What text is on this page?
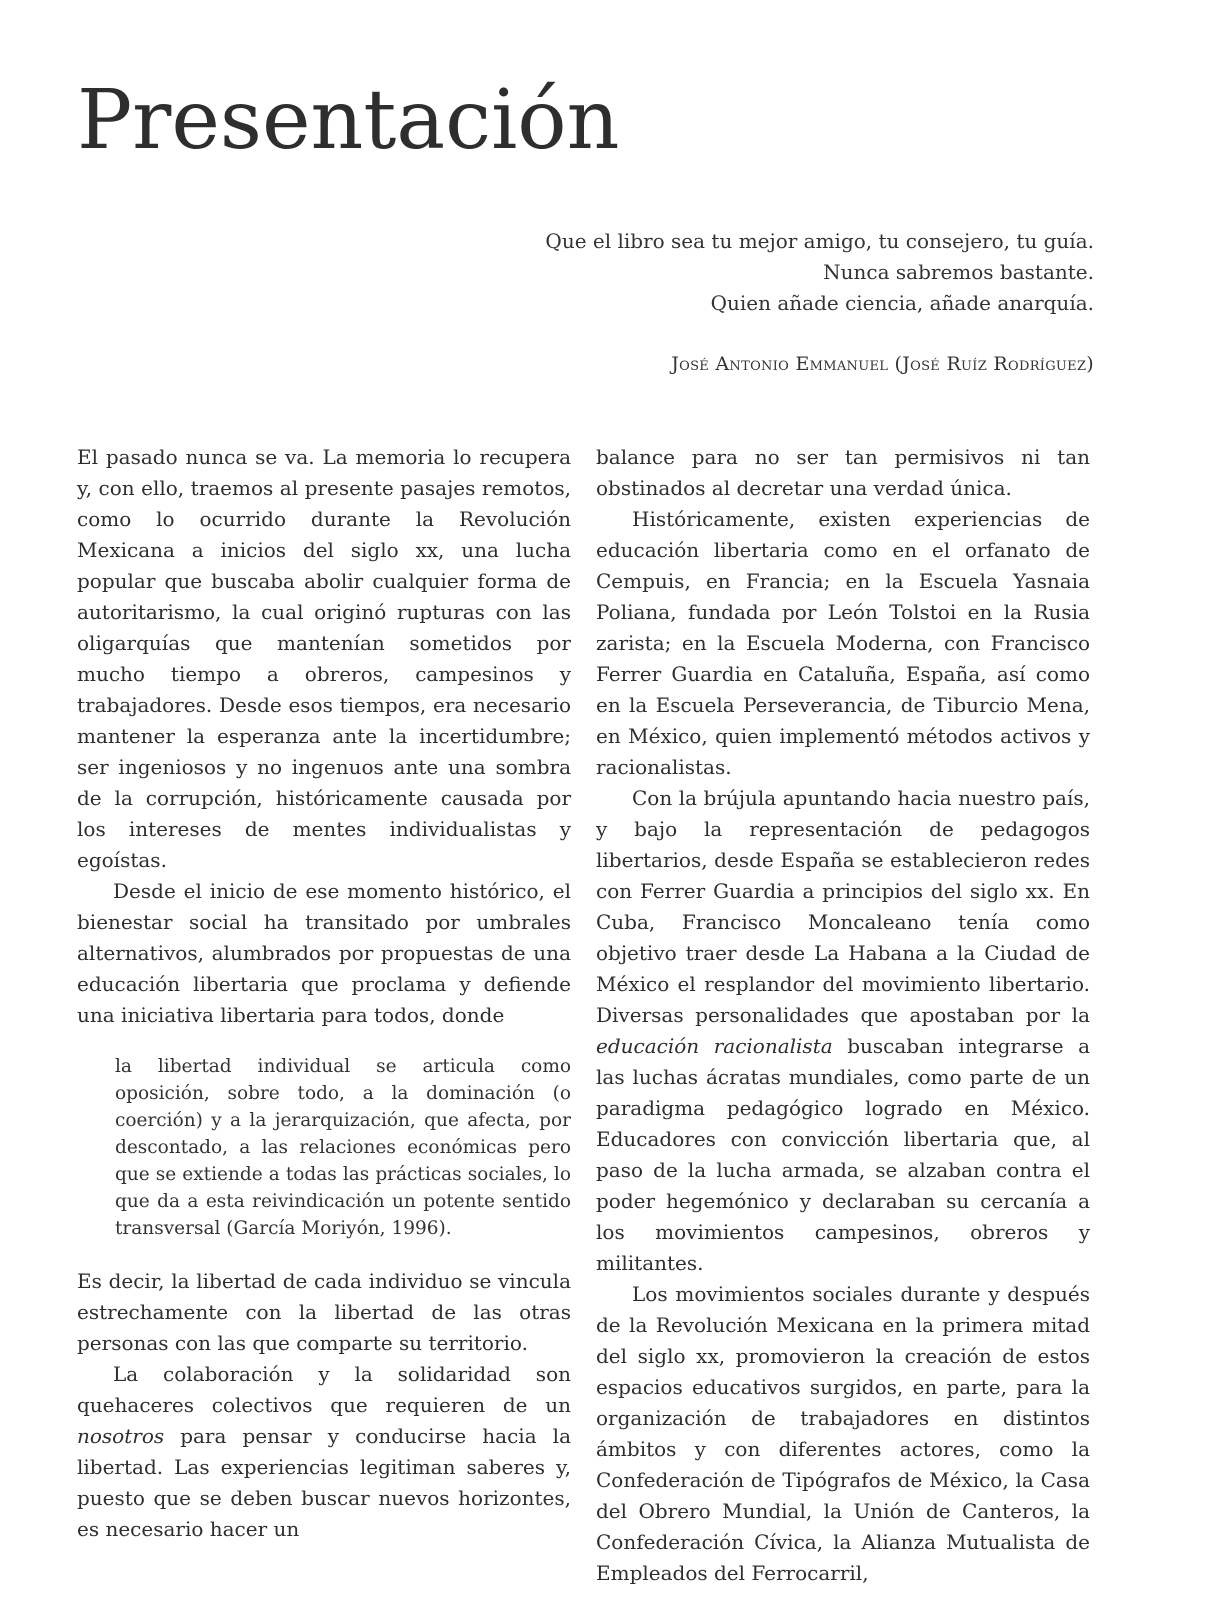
Presentación
Que el libro sea tu mejor amigo, tu consejero, tu guía.
Nunca sabremos bastante.
Quien añade ciencia, añade anarquía.
José Antonio Emmanuel (José Ruíz Rodríguez)

El pasado nunca se va. La memoria lo recupera y, con ello, traemos al presente pasajes remotos, como lo ocurrido durante la Revolución Mexicana a inicios del siglo xx, una lucha popular que buscaba abolir cualquier forma de autoritarismo, la cual originó rupturas con las oligarquías que mantenían sometidos por mucho tiempo a obreros, campesinos y trabajadores. Desde esos tiempos, era necesario mantener la esperanza ante la incertidumbre; ser ingeniosos y no ingenuos ante una sombra de la corrupción, históricamente causada por los intereses de mentes individualistas y egoístas.

Desde el inicio de ese momento histórico, el bienestar social ha transitado por umbrales alternativos, alumbrados por propuestas de una educación libertaria que proclama y defiende una iniciativa libertaria para todos, donde

la libertad individual se articula como oposición, sobre todo, a la dominación (o coerción) y a la jerarquización, que afecta, por descontado, a las relaciones económicas pero que se extiende a todas las prácticas sociales, lo que da a esta reivindicación un potente sentido transversal (García Moriyón, 1996).

Es decir, la libertad de cada individuo se vincula estrechamente con la libertad de las otras personas con las que comparte su territorio.

La colaboración y la solidaridad son quehaceres colectivos que requieren de un nosotros para pensar y conducirse hacia la libertad. Las experiencias legitiman saberes y, puesto que se deben buscar nuevos horizontes, es necesario hacer un

balance para no ser tan permisivos ni tan obstinados al decretar una verdad única.

Históricamente, existen experiencias de educación libertaria como en el orfanato de Cempuis, en Francia; en la Escuela Yasnaia Poliana, fundada por León Tolstoi en la Rusia zarista; en la Escuela Moderna, con Francisco Ferrer Guardia en Cataluña, España, así como en la Escuela Perseverancia, de Tiburcio Mena, en México, quien implementó métodos activos y racionalistas.

Con la brújula apuntando hacia nuestro país, y bajo la representación de pedagogos libertarios, desde España se establecieron redes con Ferrer Guardia a principios del siglo xx. En Cuba, Francisco Moncaleano tenía como objetivo traer desde La Habana a la Ciudad de México el resplandor del movimiento libertario. Diversas personalidades que apostaban por la educación racionalista buscaban integrarse a las luchas ácratas mundiales, como parte de un paradigma pedagógico logrado en México. Educadores con convicción libertaria que, al paso de la lucha armada, se alzaban contra el poder hegemónico y declaraban su cercanía a los movimientos campesinos, obreros y militantes.

Los movimientos sociales durante y después de la Revolución Mexicana en la primera mitad del siglo xx, promovieron la creación de estos espacios educativos surgidos, en parte, para la organización de trabajadores en distintos ámbitos y con diferentes actores, como la Confederación de Tipógrafos de México, la Casa del Obrero Mundial, la Unión de Canteros, la Confederación Cívica, la Alianza Mutualista de Empleados del Ferrocarril,
